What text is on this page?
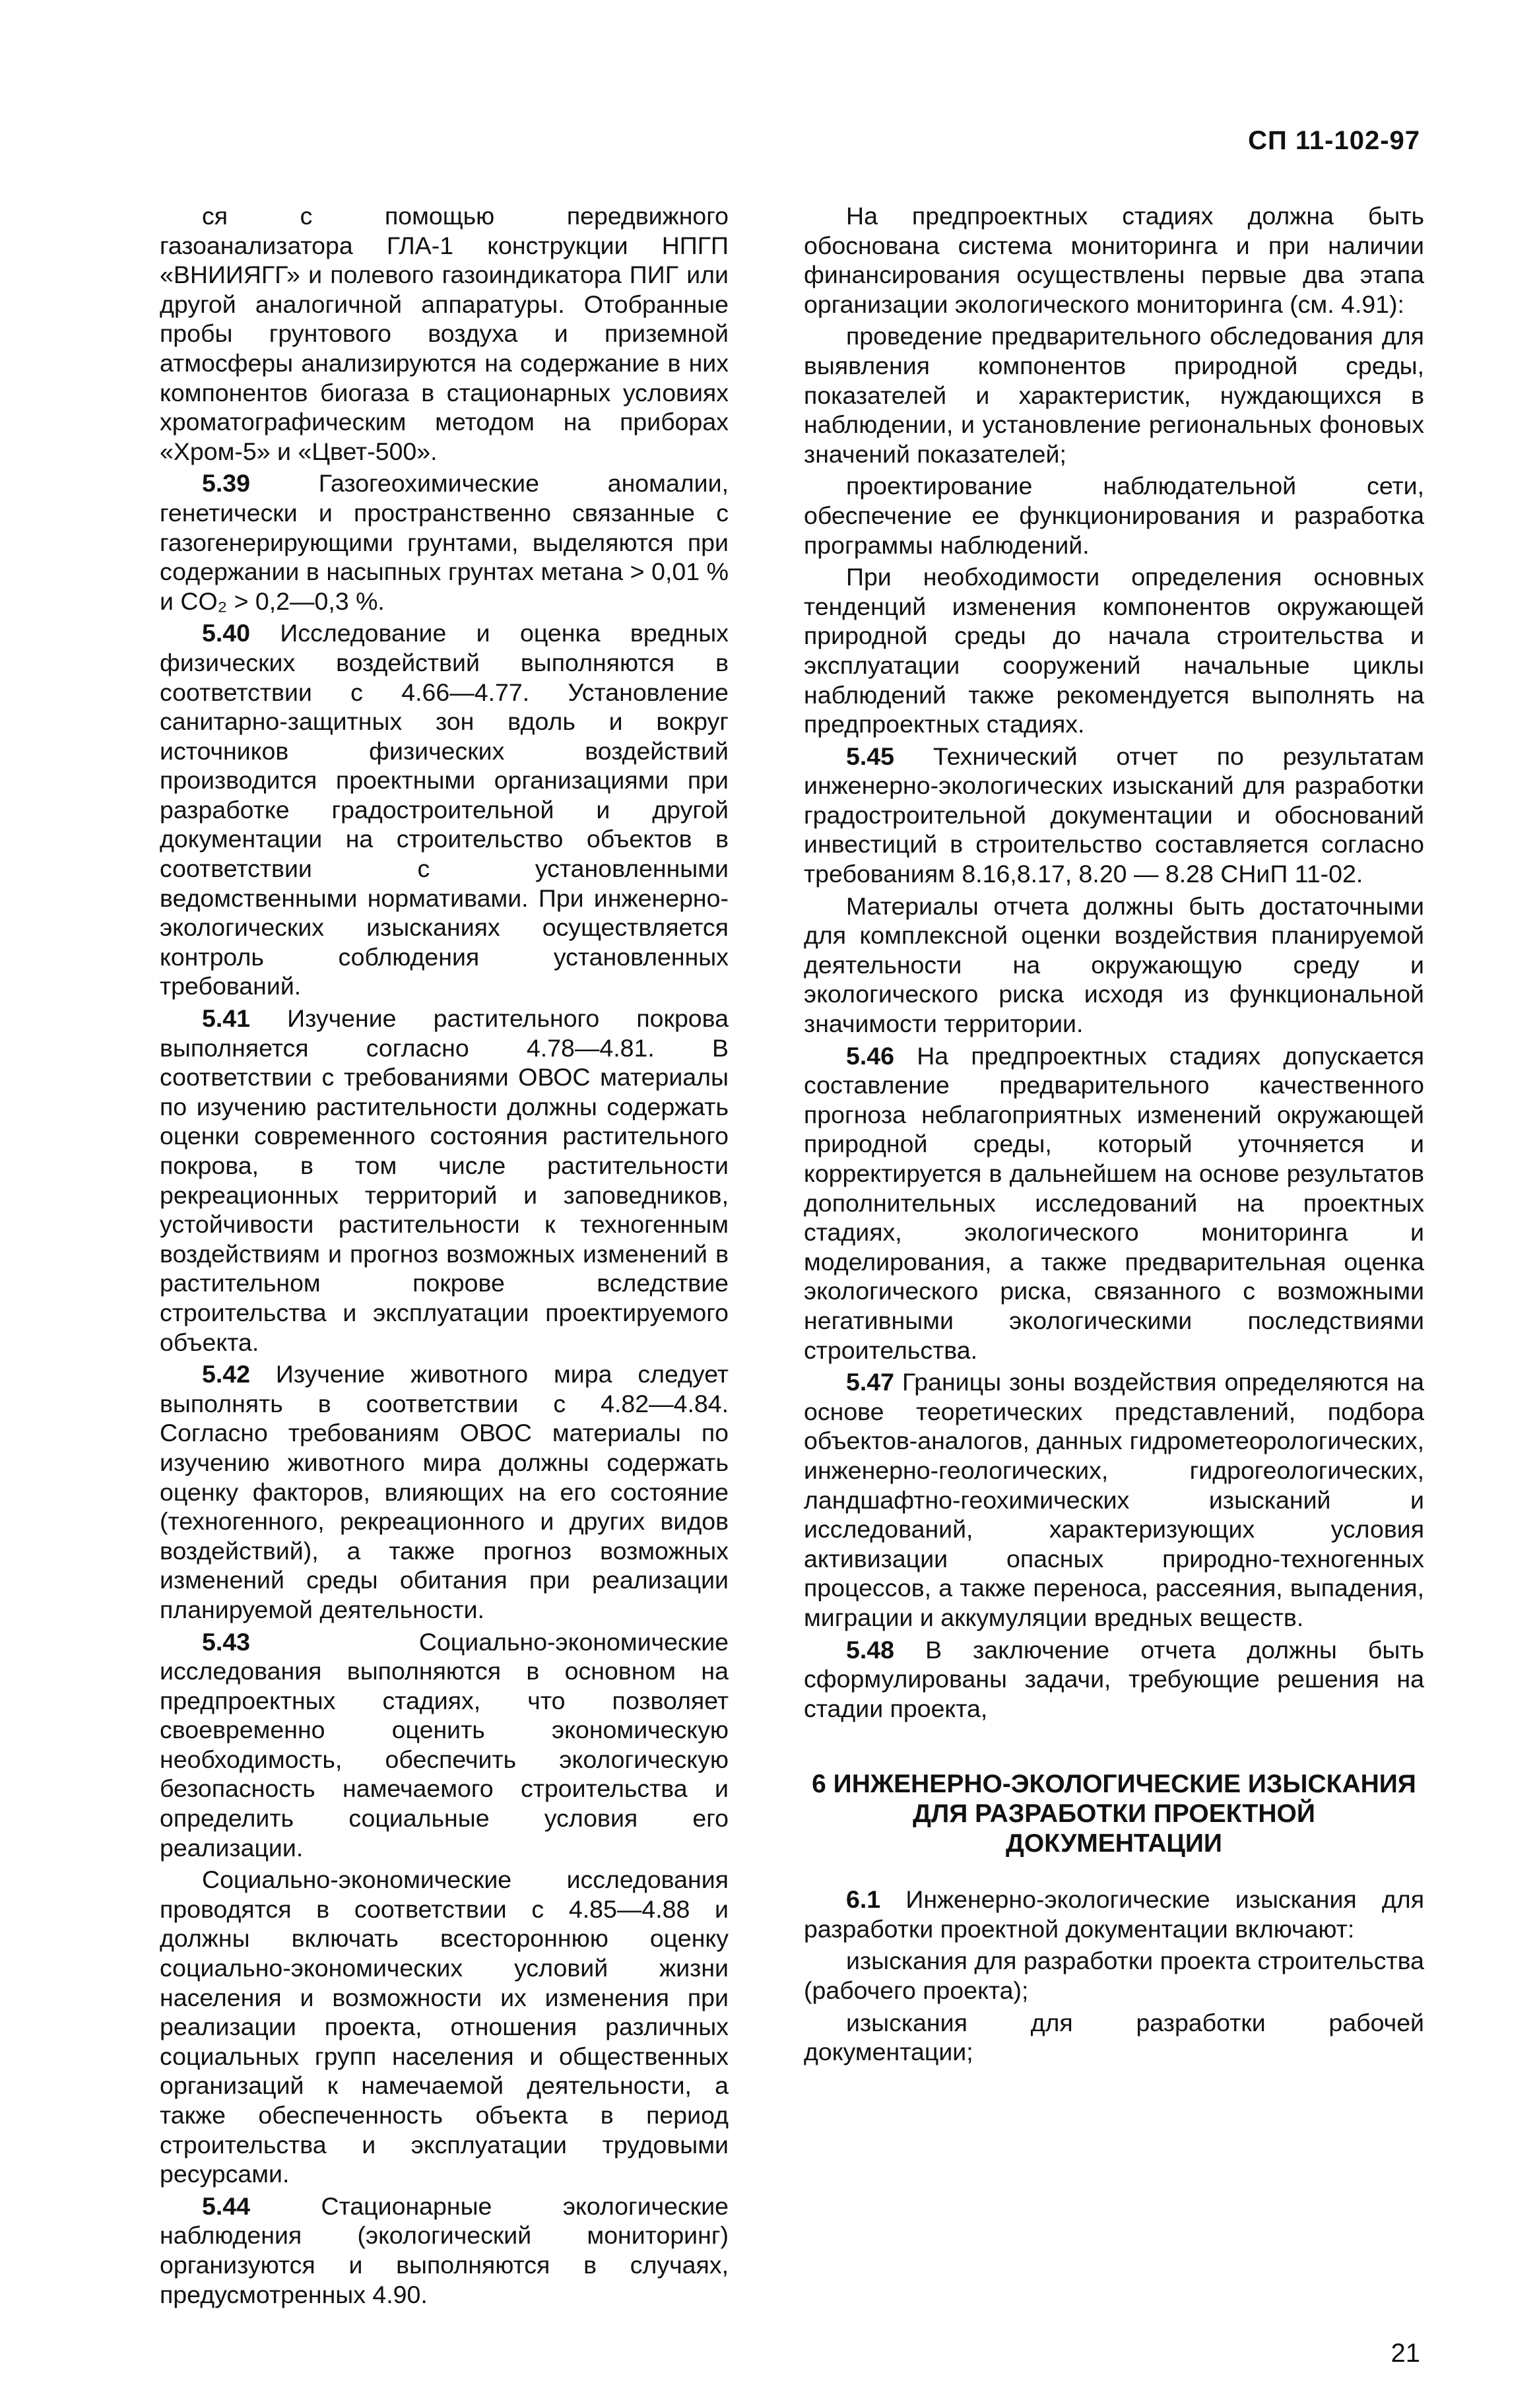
СП 11-102-97

ся с помощью передвижного газоанализатора ГЛА-1 конструкции НПГП «ВНИИЯГГ» и полевого газоиндикатора ПИГ или другой аналогичной аппаратуры. Отобранные пробы грунтового воздуха и приземной атмосферы анализируются на содержание в них компонентов биогаза в стационарных условиях хроматографическим методом на приборах «Хром-5» и «Цвет-500».

5.39	Газогеохимические аномалии, генетически и пространственно связанные с газогенерирующими грунтами, выделяются при содержании в насыпных грунтах метана > 0,01 % и CO₂ > 0,2—0,3 %.

5.40 Исследование и оценка вредных физических воздействий выполняются в соответствии с 4.66—4.77. Установление санитарно-защитных зон вдоль и вокруг источников физических воздействий производится проектными организациями при разработке градостроительной и другой документации на строительство объектов в соответствии с установленными ведомственными нормативами. При инженерно-экологических изысканиях осуществляется контроль соблюдения установленных требований.

5.41 Изучение растительного покрова выполняется согласно 4.78—4.81. В соответствии с требованиями ОВОС материалы по изучению растительности должны содержать оценки современного состояния растительного покрова, в том числе растительности рекреационных территорий и заповедников, устойчивости растительности к техногенным воздействиям и прогноз возможных изменений в растительном покрове вследствие строительства и эксплуатации проектируемого объекта.

5.42 Изучение животного мира следует выполнять в соответствии с 4.82—4.84. Согласно требованиям ОВОС материалы по изучению животного мира должны содержать оценку факторов, влияющих на его состояние (техногенного, рекреационного и других видов воздействий), а также прогноз возможных изменений среды обитания при реализации планируемой деятельности.

5.43	Социально-экономические исследования выполняются в основном на предпроектных стадиях, что позволяет своевременно оценить экономическую необходимость, обеспечить экологическую безопасность намечаемого строительства и определить социальные условия его реализации.

Социально-экономические исследования проводятся в соответствии с 4.85—4.88 и должны включать всестороннюю оценку социально-экономических условий жизни населения и возможности их изменения при реализации проекта, отношения различных социальных групп населения и общественных организаций к намечаемой деятельности, а также обеспеченность объекта в период строительства и эксплуатации трудовыми ресурсами.

5.44	Стационарные экологические наблюдения (экологический мониторинг) организуются и выполняются в случаях, предусмотренных 4.90.

На предпроектных стадиях должна быть обоснована система мониторинга и при наличии финансирования осуществлены первые два этапа организации экологического мониторинга (см. 4.91):

проведение предварительного обследования для выявления компонентов природной среды, показателей и характеристик, нуждающихся в наблюдении, и установление региональных фоновых значений показателей;

проектирование наблюдательной сети, обеспечение ее функционирования и разработка программы наблюдений.

При необходимости определения основных тенденций изменения компонентов окружающей природной среды до начала строительства и эксплуатации сооружений начальные циклы наблюдений также рекомендуется выполнять на предпроектных стадиях.

5.45 Технический отчет по результатам инженерно-экологических изысканий для разработки градостроительной документации и обоснований инвестиций в строительство составляется согласно требованиям 8.16,8.17, 8.20 — 8.28 СНиП 11-02.

Материалы отчета должны быть достаточными для комплексной оценки воздействия планируемой деятельности на окружающую среду и экологического риска исходя из функциональной значимости территории.

5.46 На предпроектных стадиях допускается составление предварительного качественного прогноза неблагоприятных изменений окружающей природной среды, который уточняется и корректируется в дальнейшем на основе результатов дополнительных исследований на проектных стадиях, экологического мониторинга и моделирования, а также предварительная оценка экологического риска, связанного с возможными негативными экологическими последствиями строительства.

5.47 Границы зоны воздействия определяются на основе теоретических представлений, подбора объектов-аналогов, данных гидрометеорологических, инженерно-геологических, гидрогеологических, ландшафтно-геохимических изысканий и исследований, характеризующих условия активизации опасных природно-техногенных процессов, а также переноса, рассеяния, выпадения, миграции и аккумуляции вредных веществ.

5.48 В заключение отчета должны быть сформулированы задачи, требующие решения на стадии проекта,

6 ИНЖЕНЕРНО-ЭКОЛОГИЧЕСКИЕ ИЗЫСКАНИЯ ДЛЯ РАЗРАБОТКИ ПРОЕКТНОЙ ДОКУМЕНТАЦИИ

6.1 Инженерно-экологические изыскания для разработки проектной документации включают:

изыскания для разработки проекта строительства (рабочего проекта);

изыскания для разработки рабочей документации;

21
